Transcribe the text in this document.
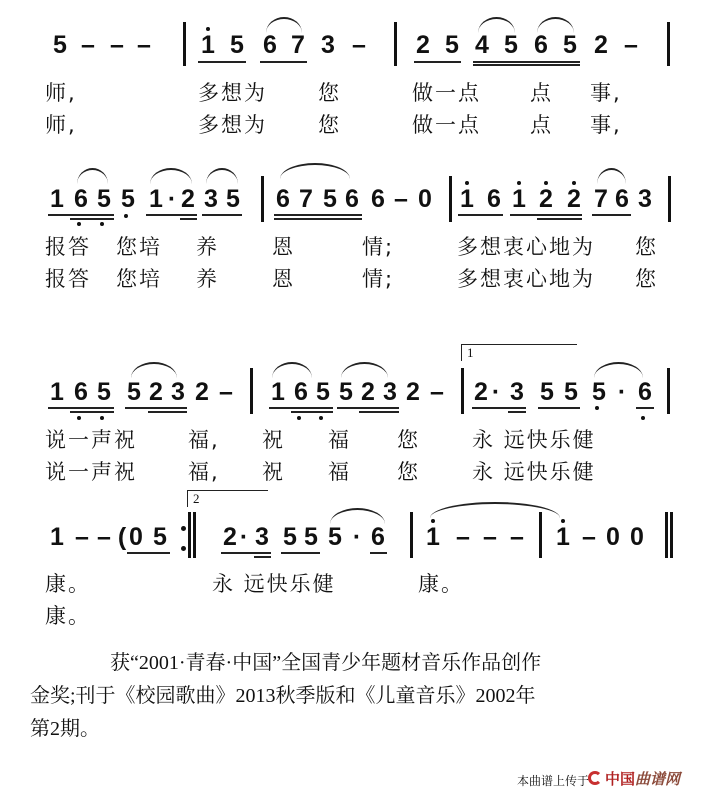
5 – – – 1 5 6 7 3 – 2 5 4 5 6 5 2 –
师,	多想为 您	做一点 点 事,
师,	多想为 您	做一点 点 事,
1 6 5 5 1 · 2 3 5 6 7 5 6 6 – 0 1 6 1 2 2 7 6 3
报答 您培 养	恩	情;	多想衷心地为 您
报答 您培 养	恩	情;	多想衷心地为 您
1 6 5 5 2 3 2 – 1 6 5 5 2 3 2 – 2 · 3 5 5 5 · 6
1
说一声祝 福, 祝 福 您 永 远快乐健
说一声祝 福, 祝 福 您 永 远快乐健
1 – – ( 0 5 2 · 3 5 5 5 · 6 1 – – – 1 – 0 0
2
康。	永 远快乐健	康。
康。
获“2001·青春·中国”全国青少年题材音乐作品创作
金奖;刊于《校园歌曲》2013秋季版和《儿童音乐》2002年
第2期。
本曲谱上传于 中国曲谱网
